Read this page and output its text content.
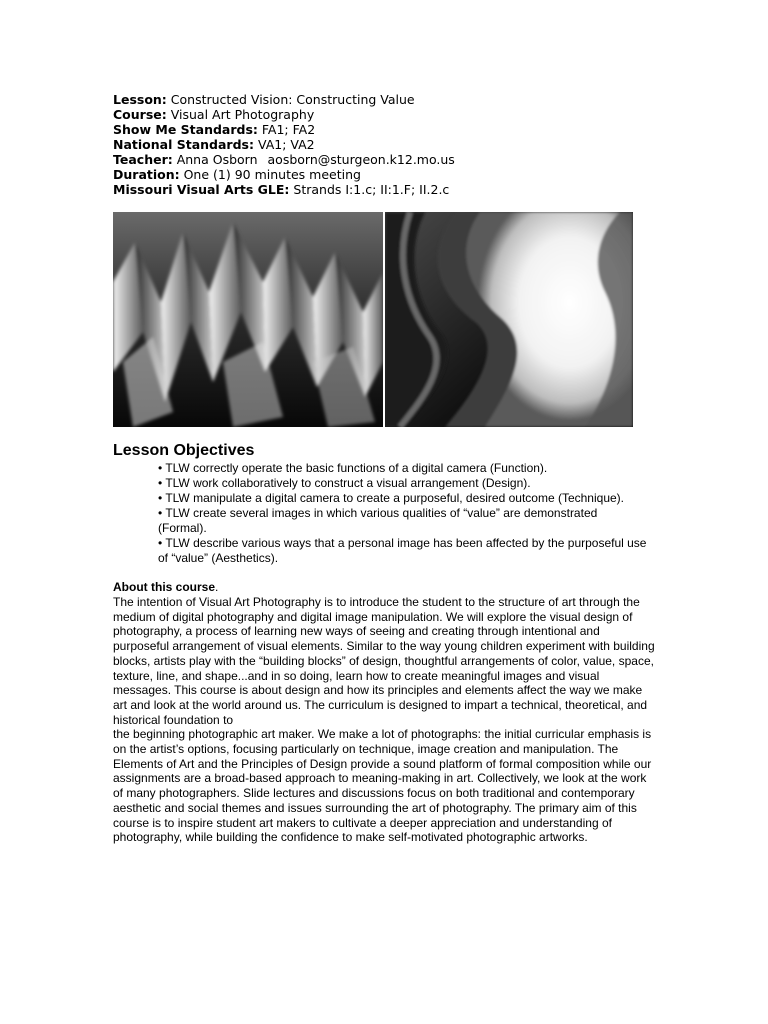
Lesson: Constructed Vision: Constructing Value
Course: Visual Art Photography
Show Me Standards: FA1; FA2
National Standards: VA1; VA2
Teacher: Anna Osborn aosborn@sturgeon.k12.mo.us
Duration: One (1) 90 minutes meeting
Missouri Visual Arts GLE: Strands I:1.c; II:1.F; II.2.c
Lesson Objectives
• TLW correctly operate the basic functions of a digital camera (Function).
• TLW work collaboratively to construct a visual arrangement (Design).
• TLW manipulate a digital camera to create a purposeful, desired outcome (Technique).
• TLW create several images in which various qualities of “value” are demonstrated (Formal).
• TLW describe various ways that a personal image has been affected by the purposeful use of “value” (Aesthetics).
About this course.

The intention of Visual Art Photography is to introduce the student to the structure of art through the medium of digital photography and digital image manipulation. We will explore the visual design of photography, a process of learning new ways of seeing and creating through intentional and purposeful arrangement of visual elements. Similar to the way young children experiment with building

blocks, artists play with the “building blocks” of design, thoughtful arrangements of color, value, space, texture, line, and shape...and in so doing, learn how to create meaningful images and visual messages. This course is about design and how its principles and elements affect the way we make art and look at the world around us. The curriculum is designed to impart a technical, theoretical, and historical foundation to

the beginning photographic art maker. We make a lot of photographs: the initial curricular emphasis is on the artist’s options, focusing particularly on technique, image creation and manipulation. The Elements of Art and the Principles of Design provide a sound platform of formal composition while our assignments are a broad-based approach to meaning-making in art. Collectively, we look at the work of many photographers. Slide lectures and discussions focus on both traditional and contemporary aesthetic and social themes and issues surrounding the art of photography. The primary aim of this course is to inspire student art makers to cultivate a deeper appreciation and understanding of photography, while building the confidence to make self-motivated photographic artworks.
